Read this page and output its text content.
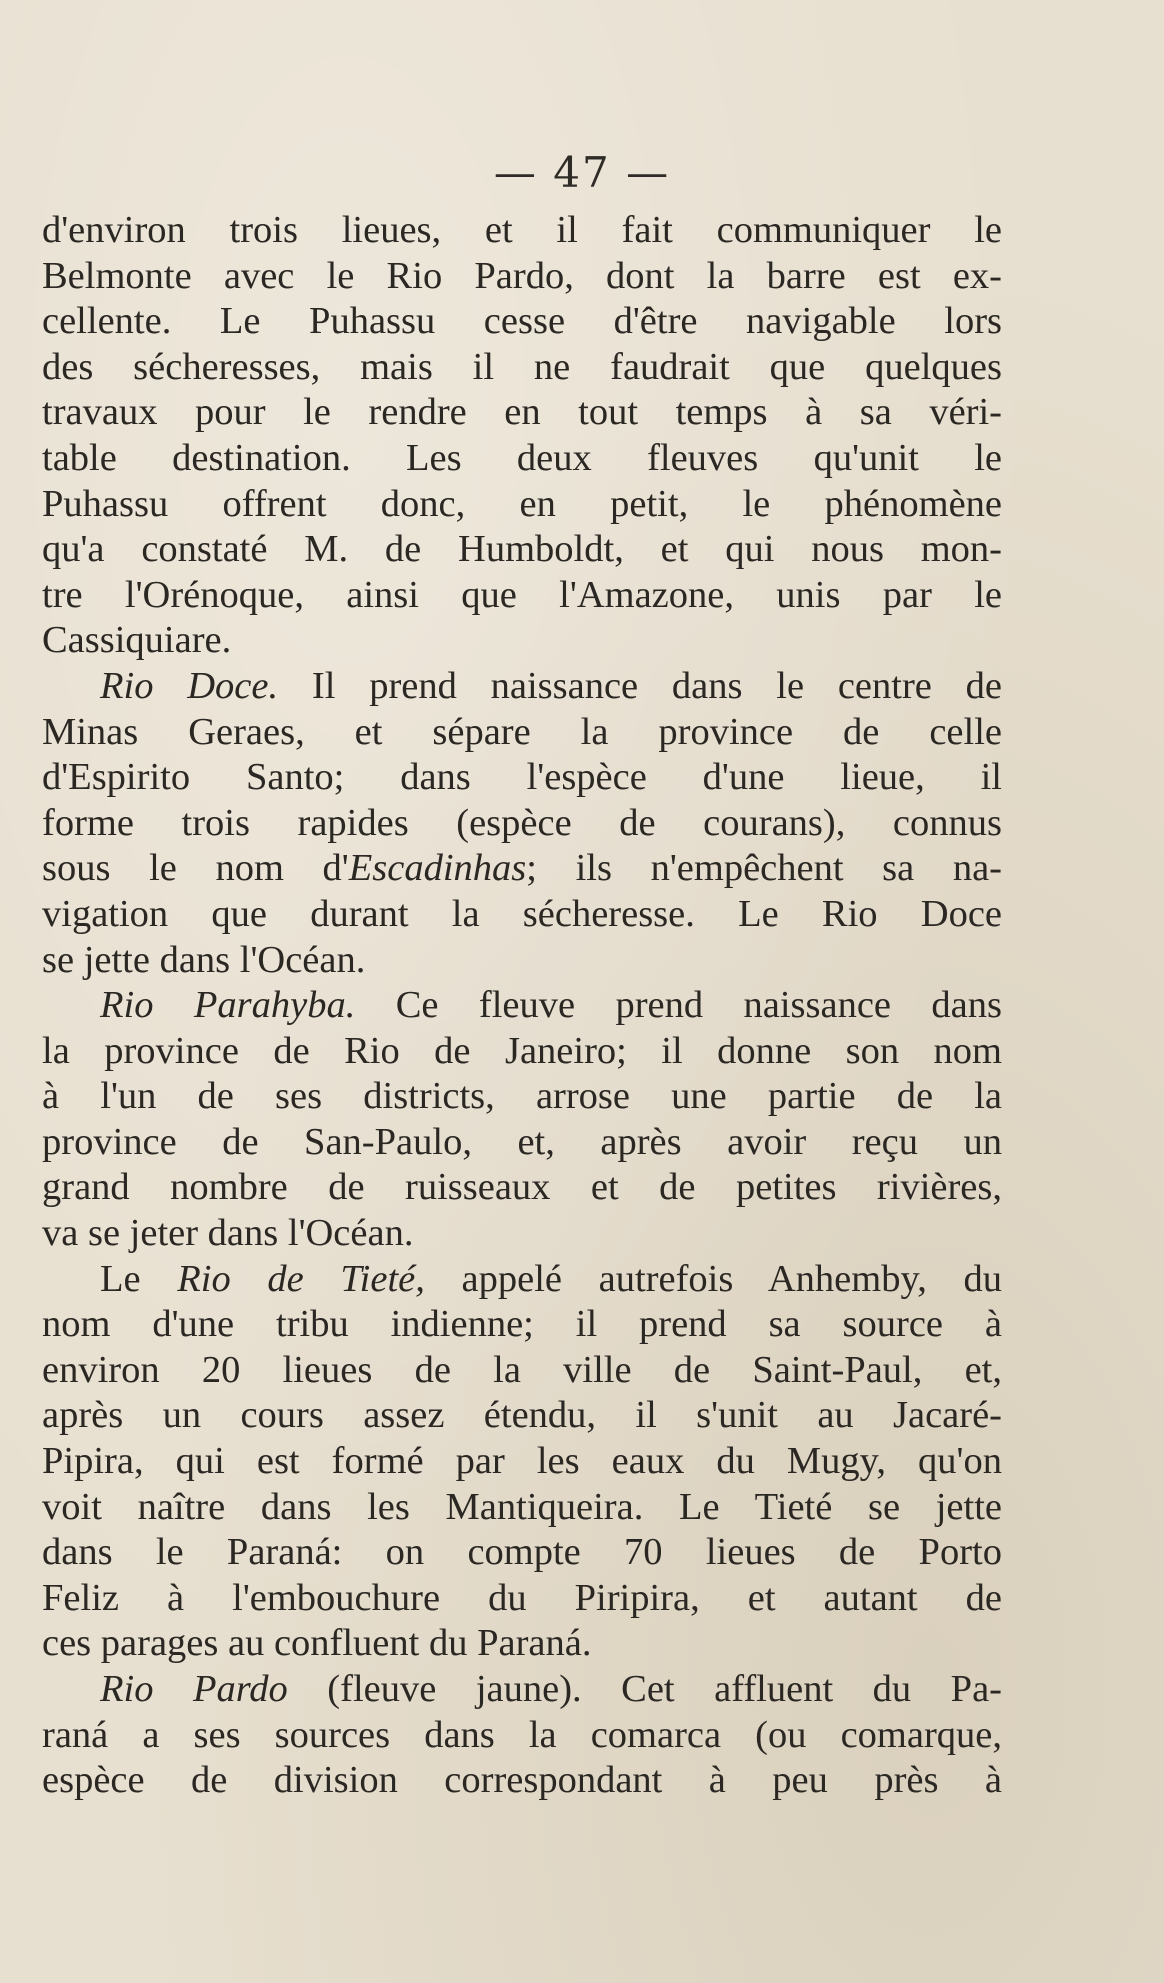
— 47 —
d'environ trois lieues, et il fait communiquer le
Belmonte avec le Rio Pardo, dont la barre est ex-
cellente. Le Puhassu cesse d'être navigable lors
des sécheresses, mais il ne faudrait que quelques
travaux pour le rendre en tout temps à sa véri-
table destination. Les deux fleuves qu'unit le
Puhassu offrent donc, en petit, le phénomène
qu'a constaté M. de Humboldt, et qui nous mon-
tre l'Orénoque, ainsi que l'Amazone, unis par le
Cassiquiare.
Rio Doce. Il prend naissance dans le centre de
Minas Geraes, et sépare la province de celle
d'Espirito Santo; dans l'espèce d'une lieue, il
forme trois rapides (espèce de courans), connus
sous le nom d'Escadinhas; ils n'empêchent sa na-
vigation que durant la sécheresse. Le Rio Doce
se jette dans l'Océan.
Rio Parahyba. Ce fleuve prend naissance dans
la province de Rio de Janeiro; il donne son nom
à l'un de ses districts, arrose une partie de la
province de San-Paulo, et, après avoir reçu un
grand nombre de ruisseaux et de petites rivières,
va se jeter dans l'Océan.
Le Rio de Tieté, appelé autrefois Anhemby, du
nom d'une tribu indienne; il prend sa source à
environ 20 lieues de la ville de Saint-Paul, et,
après un cours assez étendu, il s'unit au Jacaré-
Pipira, qui est formé par les eaux du Mugy, qu'on
voit naître dans les Mantiqueira. Le Tieté se jette
dans le Paraná: on compte 70 lieues de Porto
Feliz à l'embouchure du Piripira, et autant de
ces parages au confluent du Paraná.
Rio Pardo (fleuve jaune). Cet affluent du Pa-
raná a ses sources dans la comarca (ou comarque,
espèce de division correspondant à peu près à
